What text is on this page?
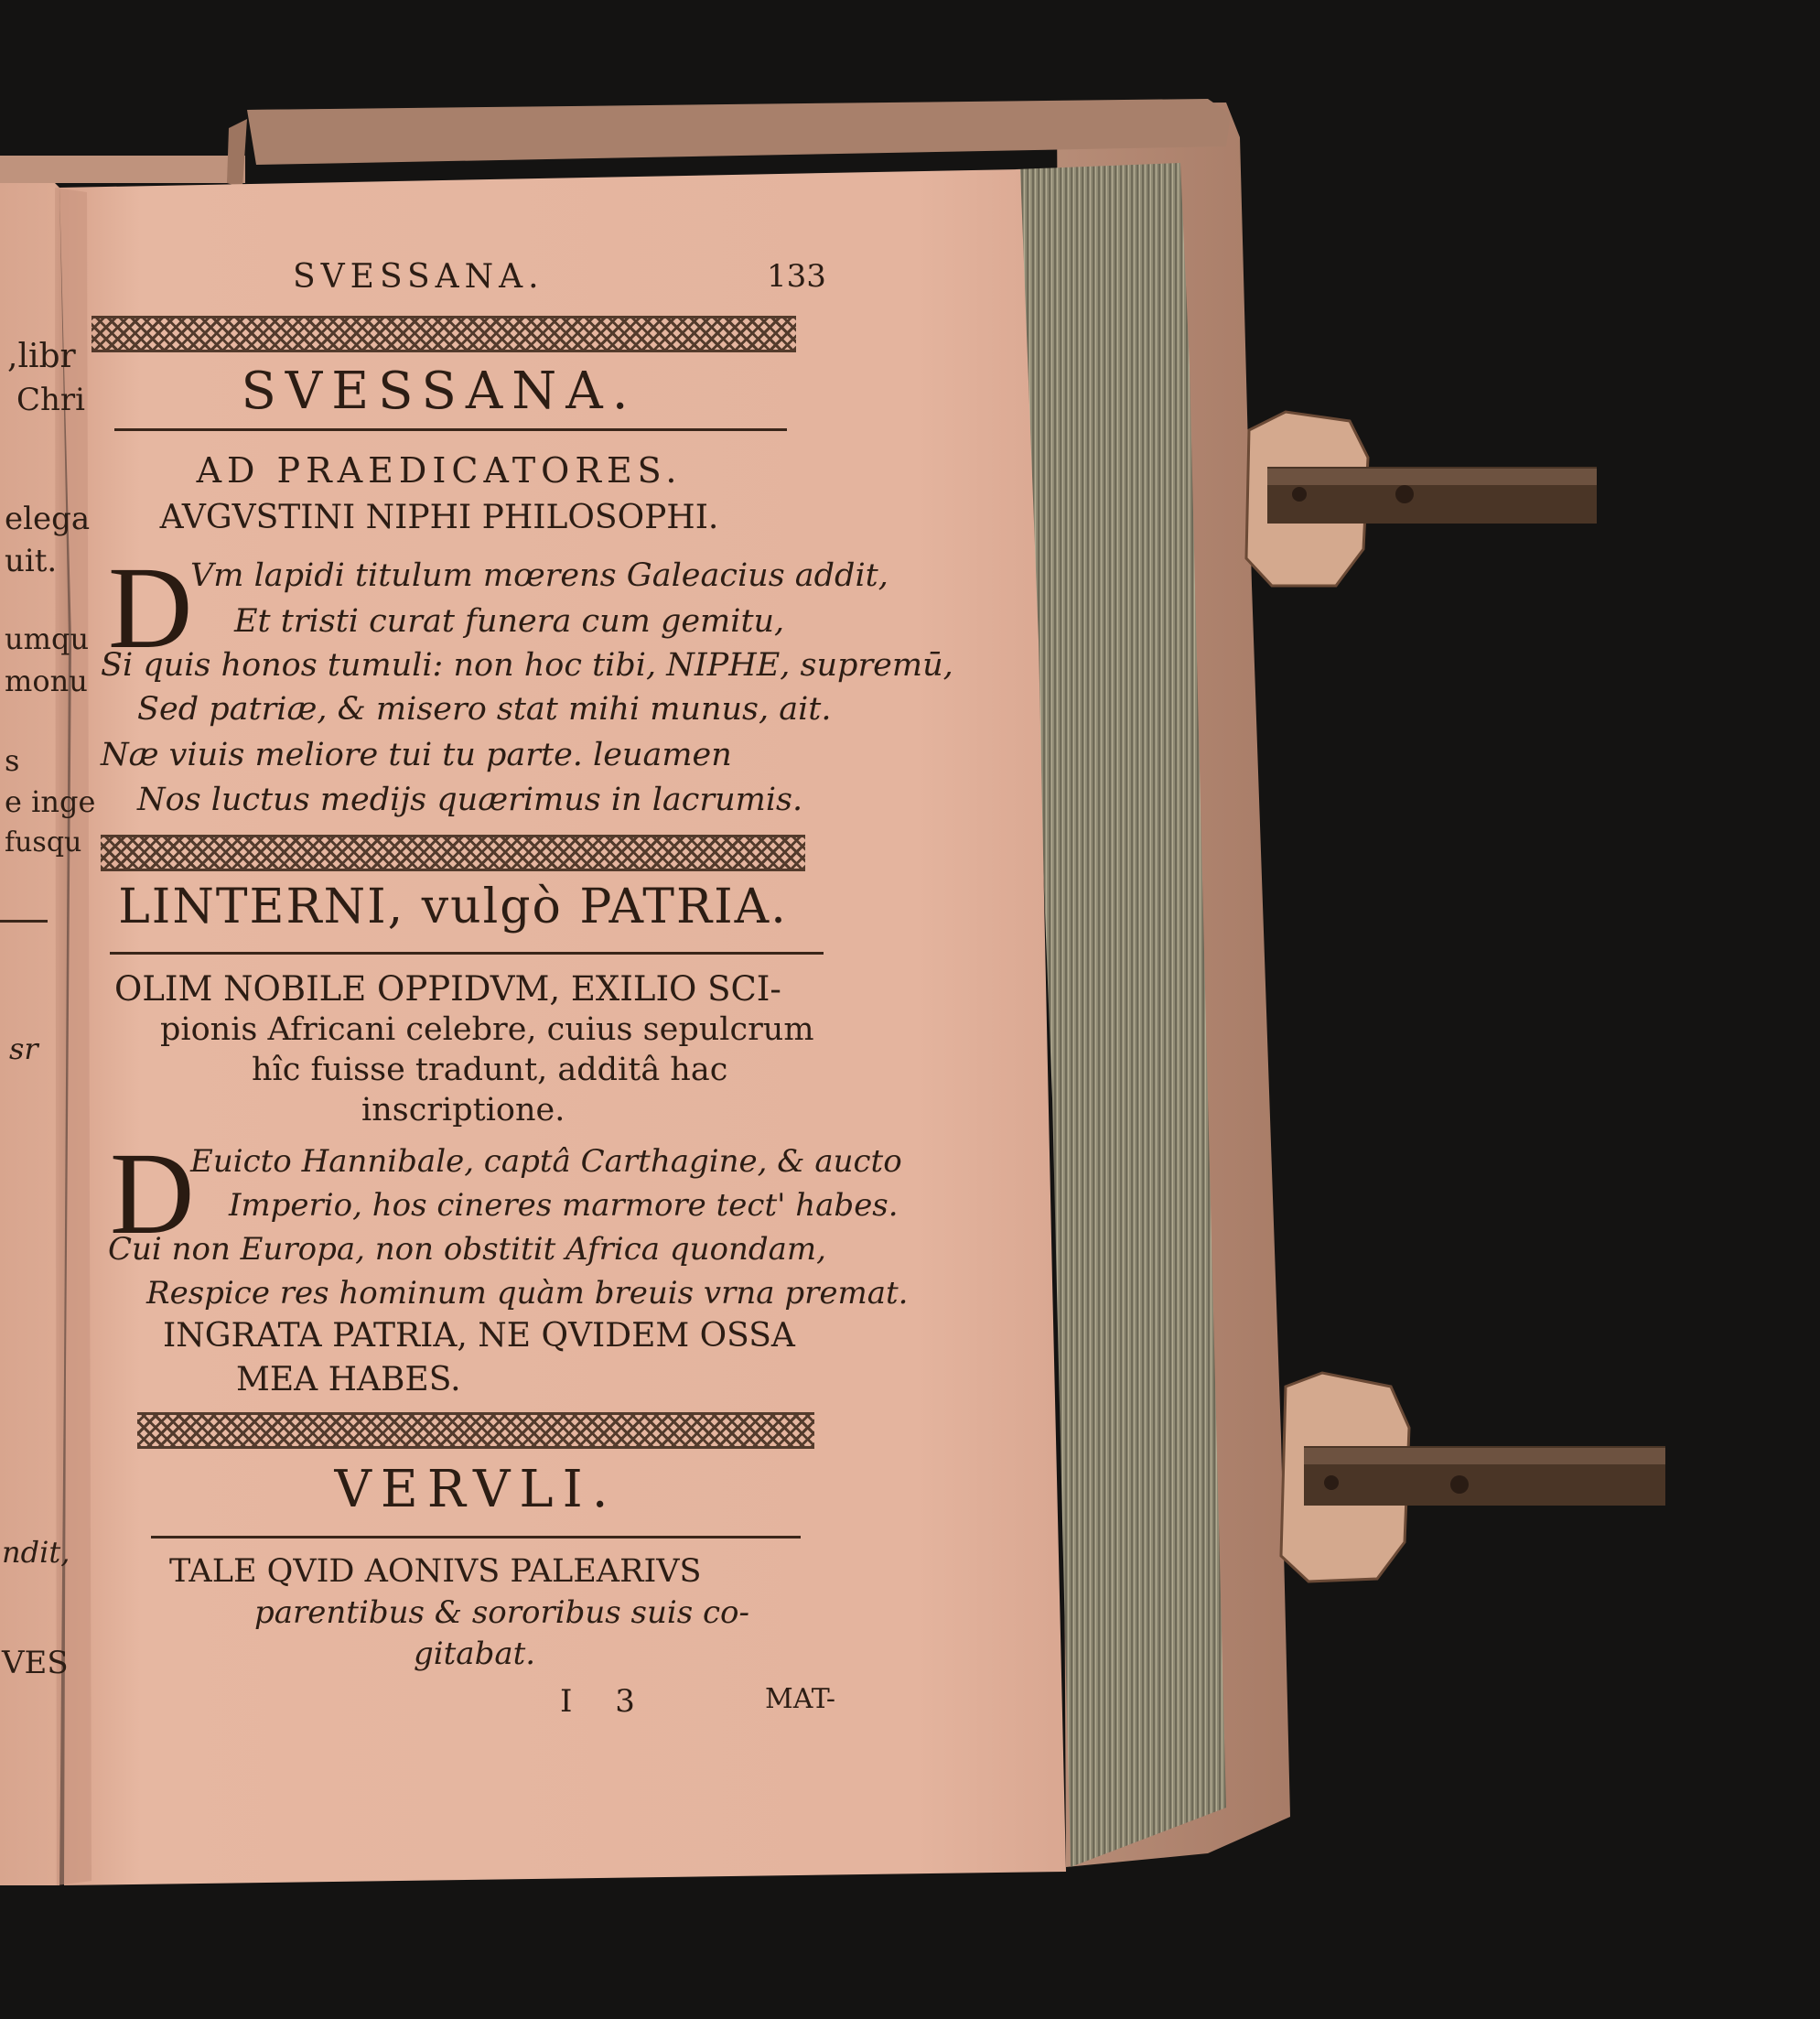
,libr
Chri
elega
uit.
umqu
monu
s
e inge
fusqu
sr
ndit,
VES
SVESSANA.	133
SVESSANA.
AD PRAEDICATORES.
AVGVSTINI NIPHI PHILOSOPHI.
D
Vm lapidi titulum mœrens Galeacius addit,
Et tristi curat funera cum gemitu,
Si quis honos tumuli: non hoc tibi, NIPHE, supremū,
Sed patriæ, & misero stat mihi munus, ait.
Næ viuis meliore tui tu parte. leuamen
Nos luctus medijs quærimus in lacrumis.
LINTERNI, vulgò PATRIA.
OLIM NOBILE OPPIDVM, EXILIO SCI-
pionis Africani celebre, cuius sepulcrum
hîc fuisse tradunt, additâ hac
inscriptione.
D
Euicto Hannibale, captâ Carthagine, & aucto
Imperio, hos cineres marmore tect' habes.
Cui non Europa, non obstitit Africa quondam,
Respice res hominum quàm breuis vrna premat.
INGRATA PATRIA, NE QVIDEM OSSA
MEA HABES.
VERVLI.
TALE QVID AONIVS PALEARIVS
parentibus & sororibus suis co-
gitabat.
I 3	MAT-
